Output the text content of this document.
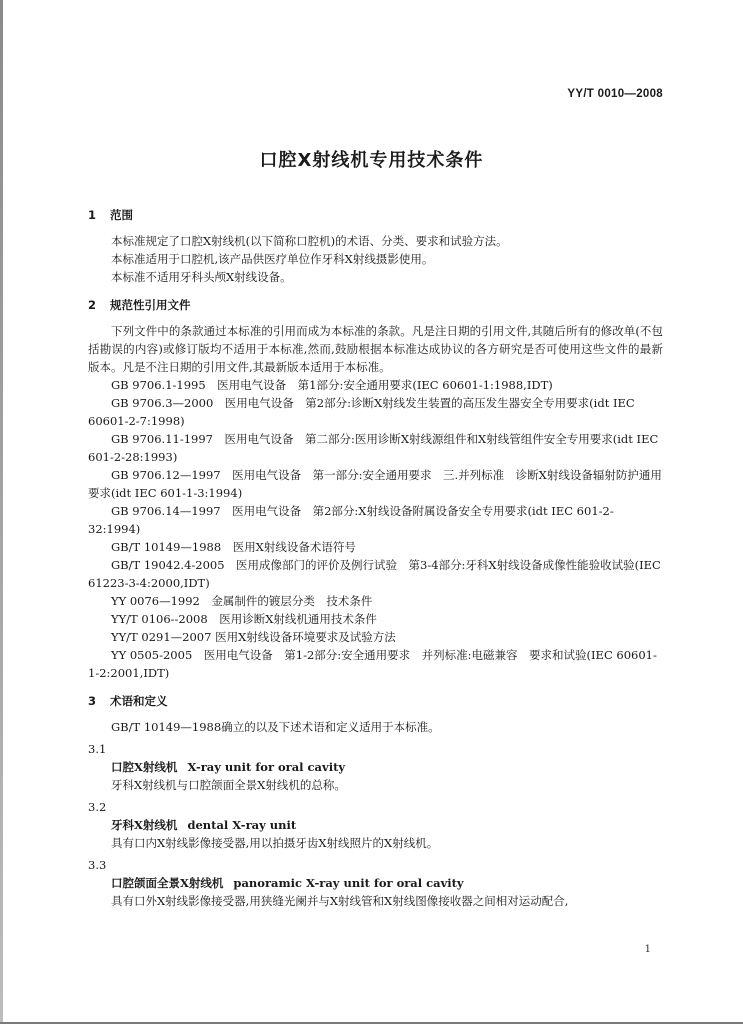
YY/T 0010—2008
口腔X射线机专用技术条件
1 范围

本标准规定了口腔X射线机(以下简称口腔机)的术语、分类、要求和试验方法。

本标准适用于口腔机,该产品供医疗单位作牙科X射线摄影使用。

本标准不适用牙科头颅X射线设备。

2 规范性引用文件

下列文件中的条款通过本标准的引用而成为本标准的条款。凡是注日期的引用文件,其随后所有的修改单(不包括勘误的内容)或修订版均不适用于本标准,然而,鼓励根据本标准达成协议的各方研究是否可使用这些文件的最新版本。凡是不注日期的引用文件,其最新版本适用于本标准。

GB 9706.1-1995　医用电气设备　第1部分:安全通用要求(IEC 60601-1:1988,IDT)

GB 9706.3—2000　医用电气设备　第2部分:诊断X射线发生装置的高压发生器安全专用要求(idt IEC 60601-2-7:1998)

GB 9706.11-1997　医用电气设备　第二部分:医用诊断X射线源组件和X射线管组件安全专用要求(idt IEC 601-2-28:1993)

GB 9706.12—1997　医用电气设备　第一部分:安全通用要求　三.并列标准　诊断X射线设备辐射防护通用要求(idt IEC 601-1-3:1994)

GB 9706.14—1997　医用电气设备　第2部分:X射线设备附属设备安全专用要求(idt IEC 601-2-32:1994)

GB/T 10149—1988　医用X射线设备术语符号

GB/T 19042.4-2005　医用成像部门的评价及例行试验　第3-4部分:牙科X射线设备成像性能验收试验(IEC 61223-3-4:2000,IDT)

YY 0076—1992　金属制件的镀层分类　技术条件

YY/T 0106--2008　医用诊断X射线机通用技术条件

YY/T 0291—2007 医用X射线设备环境要求及试验方法

YY 0505-2005　医用电气设备　第1-2部分:安全通用要求　并列标准:电磁兼容　要求和试验(IEC 60601-1-2:2001,IDT)

3 术语和定义

GB/T 10149—1988确立的以及下述术语和定义适用于本标准。

3.1

口腔X射线机 X-ray unit for oral cavity

牙科X射线机与口腔颌面全景X射线机的总称。

3.2

牙科X射线机 dental X-ray unit

具有口内X射线影像接受器,用以拍摄牙齿X射线照片的X射线机。

3.3

口腔颌面全景X射线机 panoramic X-ray unit for oral cavity

具有口外X射线影像接受器,用狭缝光阑并与X射线管和X射线图像接收器之间相对运动配合,

1
